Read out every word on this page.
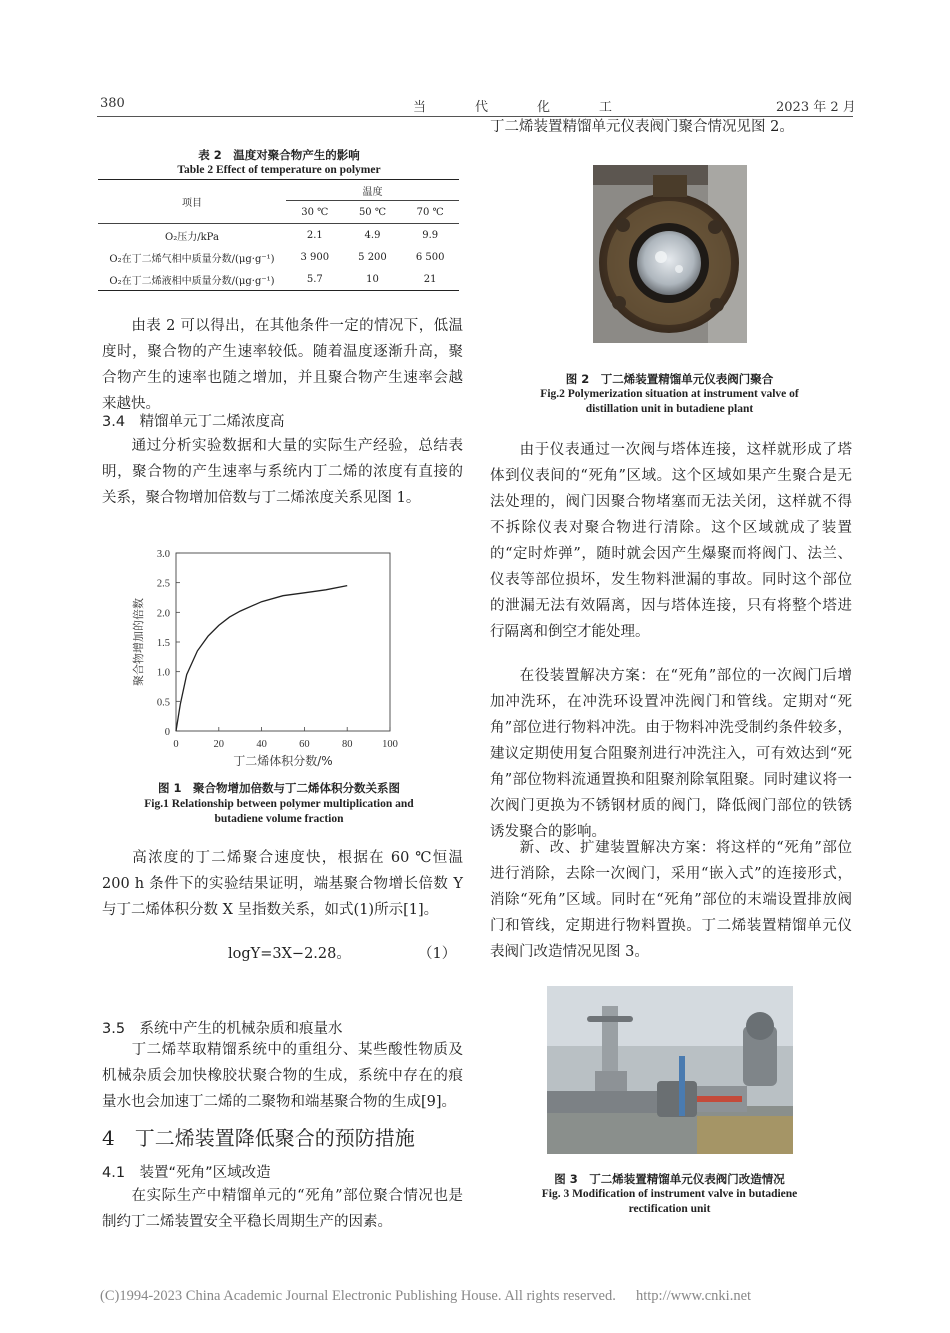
380	当　代　化　工	2023 年 2 月
表 2　温度对聚合物产生的影响
Table 2 Effect of temperature on polymer
项目	温度		
	30 ℃	50 ℃	70 ℃
O₂压力/kPa	2.1	4.9	9.9
O₂在丁二烯气相中质量分数/(μg·g⁻¹)	3 900	5 200	6 500
O₂在丁二烯液相中质量分数/(μg·g⁻¹)	5.7	10	21
由表 2 可以得出，在其他条件一定的情况下，低温度时，聚合物的产生速率较低。随着温度逐渐升高，聚合物产生的速率也随之增加，并且聚合物产生速率会越来越快。
3.4　精馏单元丁二烯浓度高
通过分析实验数据和大量的实际生产经验，总结表明，聚合物的产生速率与系统内丁二烯的浓度有直接的关系，聚合物增加倍数与丁二烯浓度关系见图 1。
0	20	40	60	80	100
0
0.5
1.0
1.5
2.0
2.5
3.0
丁二烯体积分数/%
聚合物增加的倍数
图 1　聚合物增加倍数与丁二烯体积分数关系图
Fig.1 Relationship between polymer multiplication and
butadiene volume fraction
高浓度的丁二烯聚合速度快，根据在 60 ℃恒温 200 h 条件下的实验结果证明，端基聚合物增长倍数 Y 与丁二烯体积分数 X 呈指数关系，如式(1)所示[1]。
logY=3X−2.28。	（1）
3.5　系统中产生的机械杂质和痕量水
丁二烯萃取精馏系统中的重组分、某些酸性物质及机械杂质会加快橡胶状聚合物的生成，系统中存在的痕量水也会加速丁二烯的二聚物和端基聚合物的生成[9]。
4　丁二烯装置降低聚合的预防措施
4.1　装置“死角”区域改造
在实际生产中精馏单元的“死角”部位聚合情况也是制约丁二烯装置安全平稳长周期生产的因素。
丁二烯装置精馏单元仪表阀门聚合情况见图 2。
图 2　丁二烯装置精馏单元仪表阀门聚合
Fig.2 Polymerization situation at instrument valve of
distillation unit in butadiene plant
由于仪表通过一次阀与塔体连接，这样就形成了塔体到仪表间的“死角”区域。这个区域如果产生聚合是无法处理的，阀门因聚合物堵塞而无法关闭，这样就不得不拆除仪表对聚合物进行清除。这个区域就成了装置的“定时炸弹”，随时就会因产生爆聚而将阀门、法兰、仪表等部位损坏，发生物料泄漏的事故。同时这个部位的泄漏无法有效隔离，因与塔体连接，只有将整个塔进行隔离和倒空才能处理。
在役装置解决方案：在“死角”部位的一次阀门后增加冲洗环，在冲洗环设置冲洗阀门和管线。定期对“死角”部位进行物料冲洗。由于物料冲洗受制约条件较多，建议定期使用复合阻聚剂进行冲洗注入，可有效达到“死角”部位物料流通置换和阻聚剂除氧阻聚。同时建议将一次阀门更换为不锈钢材质的阀门，降低阀门部位的铁锈诱发聚合的影响。
新、改、扩建装置解决方案：将这样的“死角”部位进行消除，去除一次阀门，采用“嵌入式”的连接形式，消除“死角”区域。同时在“死角”部位的末端设置排放阀门和管线，定期进行物料置换。丁二烯装置精馏单元仪表阀门改造情况见图 3。
图 3　丁二烯装置精馏单元仪表阀门改造情况
Fig. 3 Modification of instrument valve in butadiene
rectification unit
(C)1994-2023 China Academic Journal Electronic Publishing House. All rights reserved. http://www.cnki.net
